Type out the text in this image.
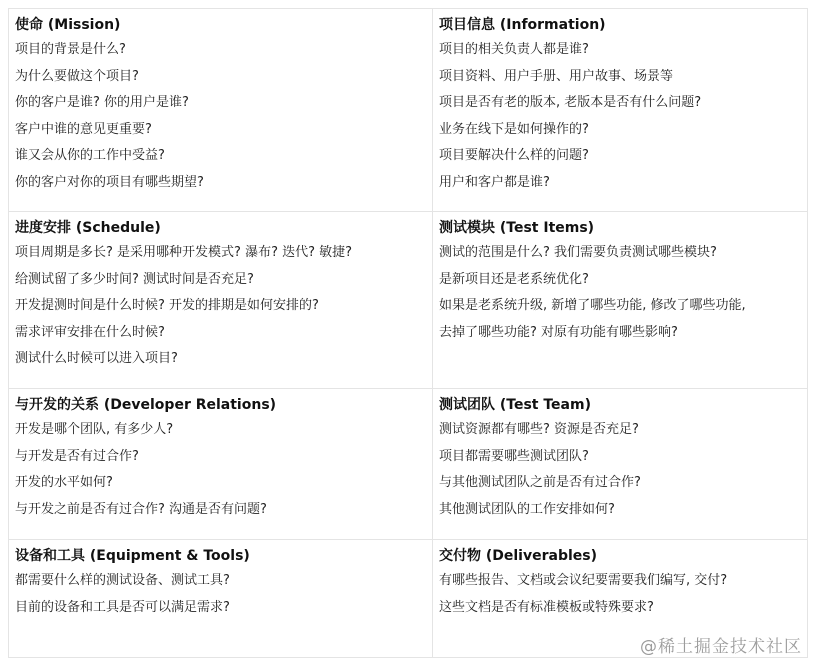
使命 (Mission)
项目的背景是什么?
为什么要做这个项目?
你的客户是谁? 你的用户是谁?
客户中谁的意见更重要?
谁又会从你的工作中受益?
你的客户对你的项目有哪些期望?
项目信息 (Information)
项目的相关负责人都是谁?
项目资料、用户手册、用户故事、场景等
项目是否有老的版本, 老版本是否有什么问题?
业务在线下是如何操作的?
项目要解决什么样的问题?
用户和客户都是谁?
进度安排 (Schedule)
项目周期是多长? 是采用哪种开发模式? 瀑布? 迭代? 敏捷?
给测试留了多少时间? 测试时间是否充足?
开发提测时间是什么时候? 开发的排期是如何安排的?
需求评审安排在什么时候?
测试什么时候可以进入项目?
测试模块 (Test Items)
测试的范围是什么? 我们需要负责测试哪些模块?
是新项目还是老系统优化?
如果是老系统升级, 新增了哪些功能, 修改了哪些功能,
去掉了哪些功能? 对原有功能有哪些影响?
与开发的关系 (Developer Relations)
开发是哪个团队, 有多少人?
与开发是否有过合作?
开发的水平如何?
与开发之前是否有过合作? 沟通是否有问题?
测试团队 (Test Team)
测试资源都有哪些? 资源是否充足?
项目都需要哪些测试团队?
与其他测试团队之前是否有过合作?
其他测试团队的工作安排如何?
设备和工具 (Equipment & Tools)
都需要什么样的测试设备、测试工具?
目前的设备和工具是否可以满足需求?
交付物 (Deliverables)
有哪些报告、文档或会议纪要需要我们编写, 交付?
这些文档是否有标准模板或特殊要求?
@稀土掘金技术社区
